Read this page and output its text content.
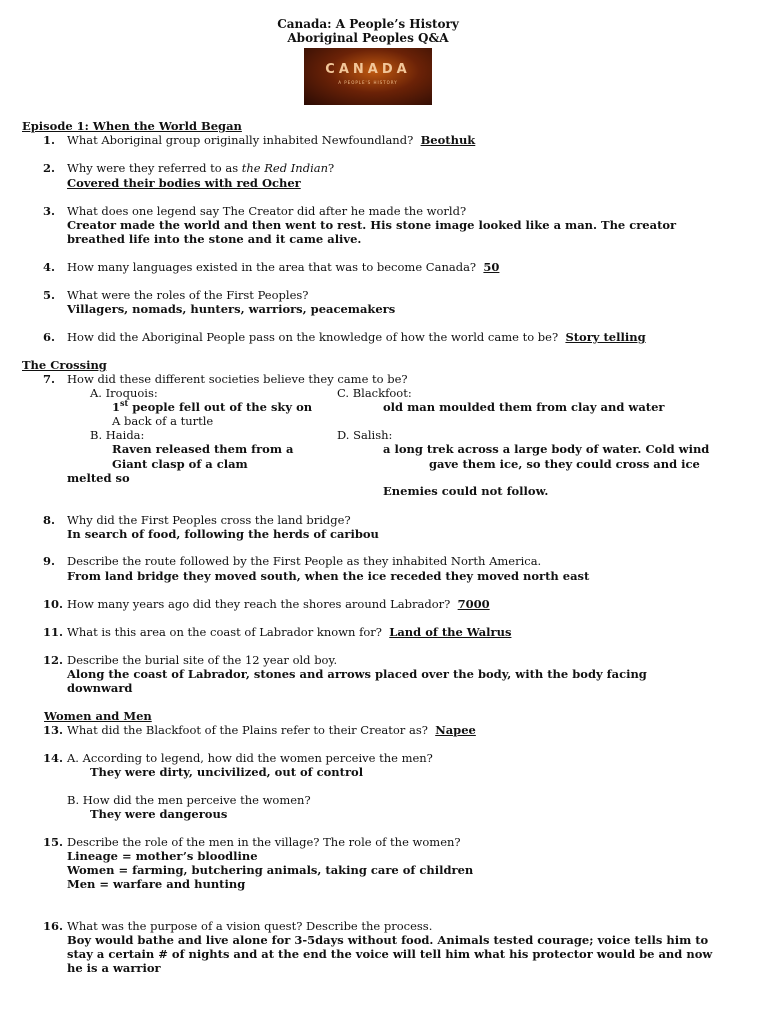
Canada: A People’s History
Aboriginal Peoples Q&A
CANADA
A PEOPLE'S HISTORY
Episode 1: When the World Began
1. What Aboriginal group originally inhabited Newfoundland? Beothuk
2. Why were they referred to as the Red Indian?
Covered their bodies with red Ocher
3. What does one legend say The Creator did after he made the world?
Creator made the world and then went to rest. His stone image looked like a man. The creator
breathed life into the stone and it came alive.
4. How many languages existed in the area that was to become Canada? 50
5. What were the roles of the First Peoples?
Villagers, nomads, hunters, warriors, peacemakers
6. How did the Aboriginal People pass on the knowledge of how the world came to be? Story telling
The Crossing
7. How did these different societies believe they came to be?
A. Iroquois:
1st people fell out of the sky on
A back of a turtle
B. Haida:
Raven released them from a
Giant clasp of a clam
melted so
C. Blackfoot:
old man moulded them from clay and water
D. Salish:
a long trek across a large body of water. Cold wind
gave them ice, so they could cross and ice
Enemies could not follow.
8. Why did the First Peoples cross the land bridge?
In search of food, following the herds of caribou
9. Describe the route followed by the First People as they inhabited North America.
From land bridge they moved south, when the ice receded they moved north east
10. How many years ago did they reach the shores around Labrador? 7000
11. What is this area on the coast of Labrador known for? Land of the Walrus
12. Describe the burial site of the 12 year old boy.
Along the coast of Labrador, stones and arrows placed over the body, with the body facing
downward
Women and Men
13. What did the Blackfoot of the Plains refer to their Creator as? Napee
14. A. According to legend, how did the women perceive the men?
They were dirty, uncivilized, out of control
B. How did the men perceive the women?
They were dangerous
15. Describe the role of the men in the village? The role of the women?
Lineage = mother’s bloodline
Women = farming, butchering animals, taking care of children
Men = warfare and hunting
16. What was the purpose of a vision quest? Describe the process.
Boy would bathe and live alone for 3-5days without food. Animals tested courage; voice tells him to
stay a certain # of nights and at the end the voice will tell him what his protector would be and now
he is a warrior
